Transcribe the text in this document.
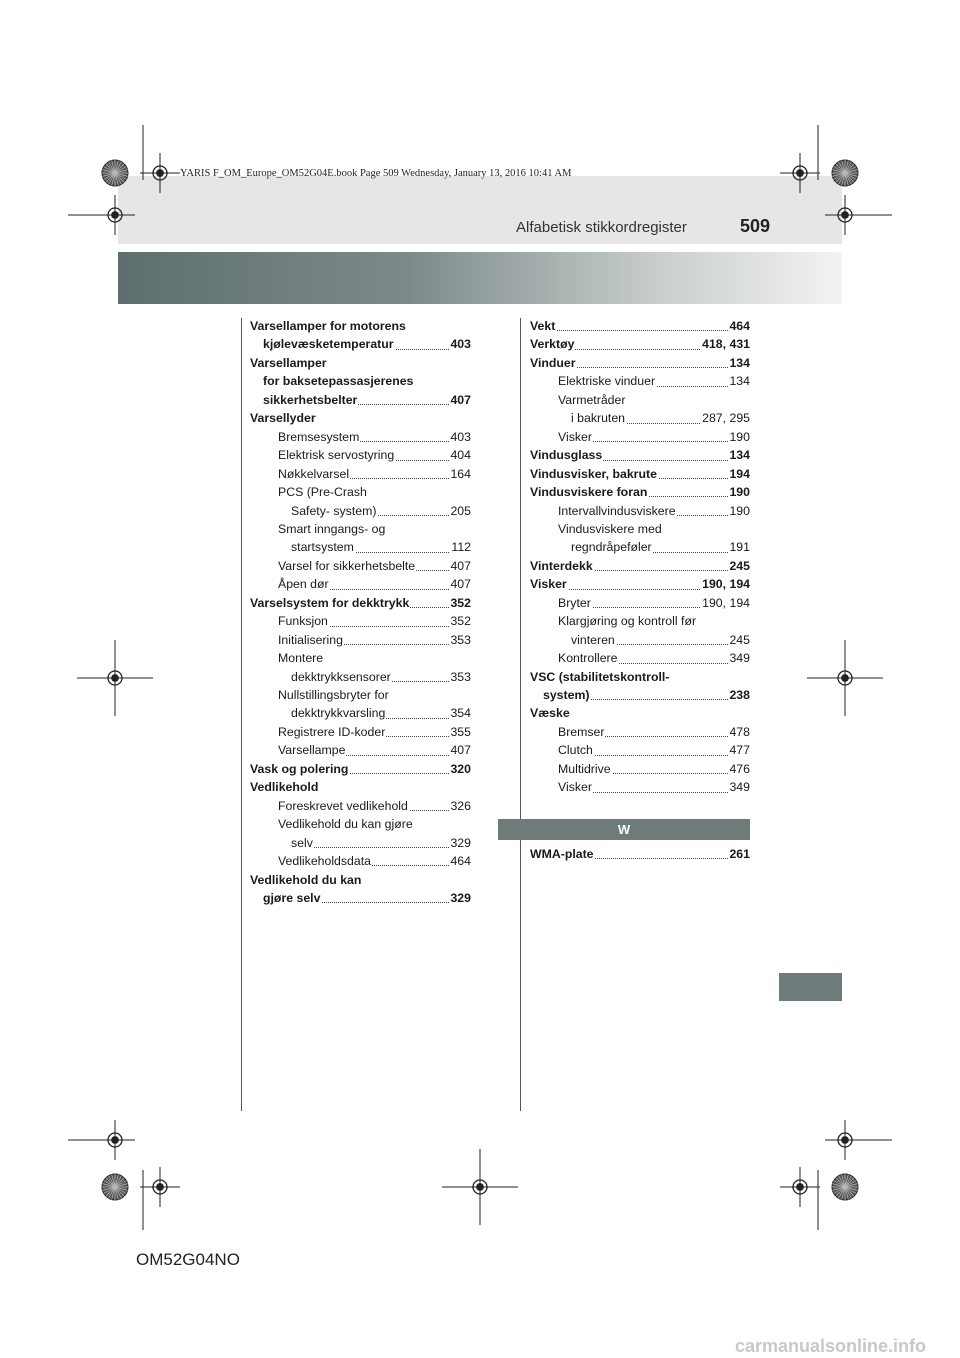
YARIS F_OM_Europe_OM52G04E.book Page 509 Wednesday, January 13, 2016 10:41 AM
Alfabetisk stikkordregister	509
Varsellamper for motorens
kjølevæsketemperatur	403
Varsellamper
for baksetepassasjerenes
sikkerhetsbelter	407
Varsellyder
Bremsesystem	403
Elektrisk servostyring	404
Nøkkelvarsel	164
PCS (Pre-Crash
Safety- system)	205
Smart inngangs- og
startsystem	112
Varsel for sikkerhetsbelte	407
Åpen dør	407
Varselsystem for dekktrykk	352
Funksjon	352
Initialisering	353
Montere
dekktrykksensorer	353
Nullstillingsbryter for
dekktrykkvarsling	354
Registrere ID-koder	355
Varsellampe	407
Vask og polering	320
Vedlikehold
Foreskrevet vedlikehold	326
Vedlikehold du kan gjøre
selv	329
Vedlikeholdsdata	464
Vedlikehold du kan
gjøre selv	329
Vekt	464
Verktøy	418, 431
Vinduer	134
Elektriske vinduer	134
Varmetråder
i bakruten	287, 295
Visker	190
Vindusglass	134
Vindusvisker, bakrute	194
Vindusviskere foran	190
Intervallvindusviskere	190
Vindusviskere med
regndråpeføler	191
Vinterdekk	245
Visker	190, 194
Bryter	190, 194
Klargjøring og kontroll før
vinteren	245
Kontrollere	349
VSC (stabilitetskontroll-
system)	238
Væske
Bremser	478
Clutch	477
Multidrive	476
Visker	349
W
WMA-plate	261
OM52G04NO
carmanualsonline.info
